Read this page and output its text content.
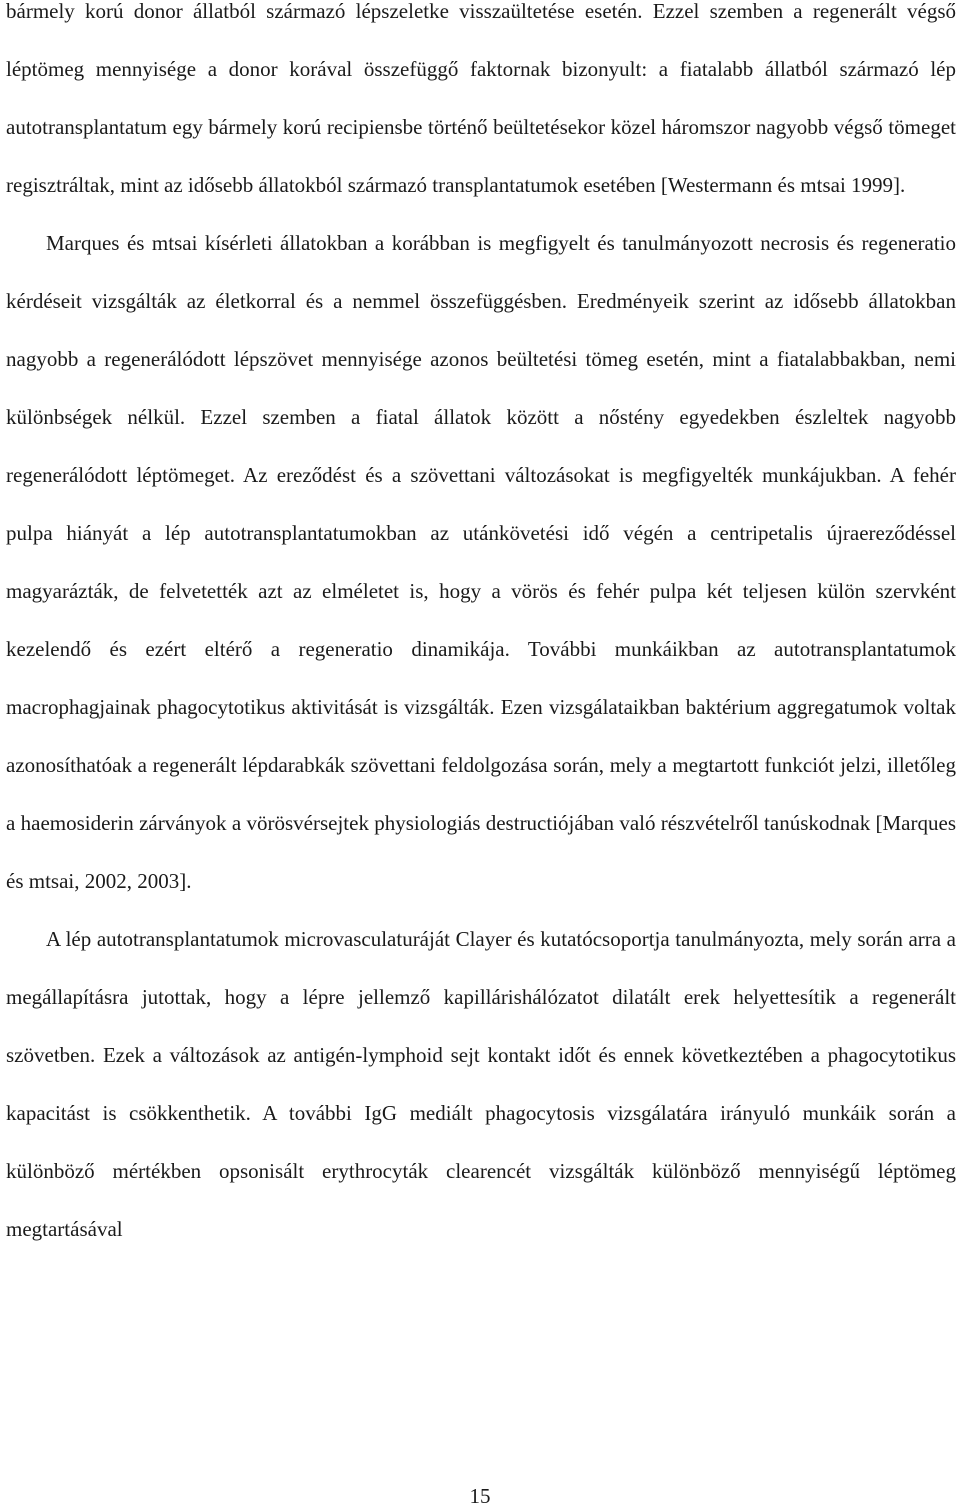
bármely korú donor állatból származó lépszeletke visszaültetése esetén. Ezzel szemben a regenerált végső léptömeg mennyisége a donor korával összefüggő faktornak bizonyult: a fiatalabb állatból származó lép autotransplantatum egy bármely korú recipiensbe történő beültetésekor közel háromszor nagyobb végső tömeget regisztráltak, mint az idősebb állatokból származó transplantatumok esetében [Westermann és mtsai 1999].

Marques és mtsai kísérleti állatokban a korábban is megfigyelt és tanulmányozott necrosis és regeneratio kérdéseit vizsgálták az életkorral és a nemmel összefüggésben. Eredményeik szerint az idősebb állatokban nagyobb a regenerálódott lépszövet mennyisége azonos beültetési tömeg esetén, mint a fiatalabbakban, nemi különbségek nélkül. Ezzel szemben a fiatal állatok között a nőstény egyedekben észleltek nagyobb regenerálódott léptömeget. Az ereződést és a szövettani változásokat is megfigyelték munkájukban. A fehér pulpa hiányát a lép autotransplantatumokban az utánkövetési idő végén a centripetalis újraereződéssel magyarázták, de felvetették azt az elméletet is, hogy a vörös és fehér pulpa két teljesen külön szervként kezelendő és ezért eltérő a regeneratio dinamikája. További munkáikban az autotransplantatumok macrophagjainak phagocytotikus aktivitását is vizsgálták. Ezen vizsgálataikban baktérium aggregatumok voltak azonosíthatóak a regenerált lépdarabkák szövettani feldolgozása során, mely a megtartott funkciót jelzi, illetőleg a haemosiderin zárványok a vörösvérsejtek physiologiás destructiójában való részvételről tanúskodnak [Marques és mtsai, 2002, 2003].

A lép autotransplantatumok microvasculaturáját Clayer és kutatócsoportja tanulmányozta, mely során arra a megállapításra jutottak, hogy a lépre jellemző kapillárishálózatot dilatált erek helyettesítik a regenerált szövetben. Ezek a változások az antigén-lymphoid sejt kontakt időt és ennek következtében a phagocytotikus kapacitást is csökkenthetik. A további IgG mediált phagocytosis vizsgálatára irányuló munkáik során a különböző mértékben opsonisált erythrocyták clearencét vizsgálták különböző mennyiségű léptömeg megtartásával

15
